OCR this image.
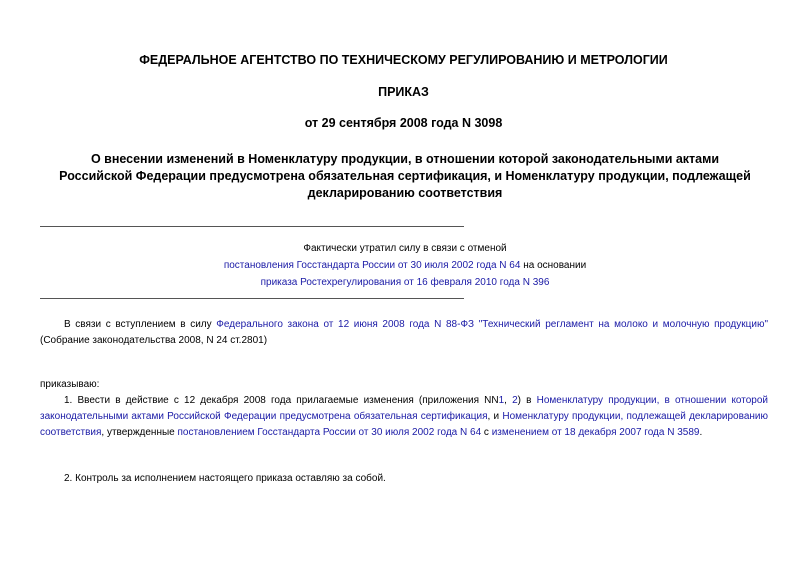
ФЕДЕРАЛЬНОЕ АГЕНТСТВО ПО ТЕХНИЧЕСКОМУ РЕГУЛИРОВАНИЮ И МЕТРОЛОГИИ
ПРИКАЗ
от 29 сентября 2008 года N 3098
О внесении изменений в Номенклатуру продукции, в отношении которой законодательными актами Российской Федерации предусмотрена обязательная сертификация, и Номенклатуру продукции, подлежащей декларированию соответствия
Фактически утратил силу в связи с отменой
постановления Госстандарта России от 30 июля 2002 года N 64 на основании
приказа Ростехрегулирования от 16 февраля 2010 года N 396

В связи с вступлением в силу Федерального закона от 12 июня 2008 года N 88-ФЗ "Технический регламент на молоко и молочную продукцию" (Собрание законодательства 2008, N 24 ст.2801)

приказываю:

1. Ввести в действие с 12 декабря 2008 года прилагаемые изменения (приложения NN1, 2) в Номенклатуру продукции, в отношении которой законодательными актами Российской Федерации предусмотрена обязательная сертификация, и Номенклатуру продукции, подлежащей декларированию соответствия, утвержденные постановлением Госстандарта России от 30 июля 2002 года N 64 с изменением от 18 декабря 2007 года N 3589.

2. Контроль за исполнением настоящего приказа оставляю за собой.
